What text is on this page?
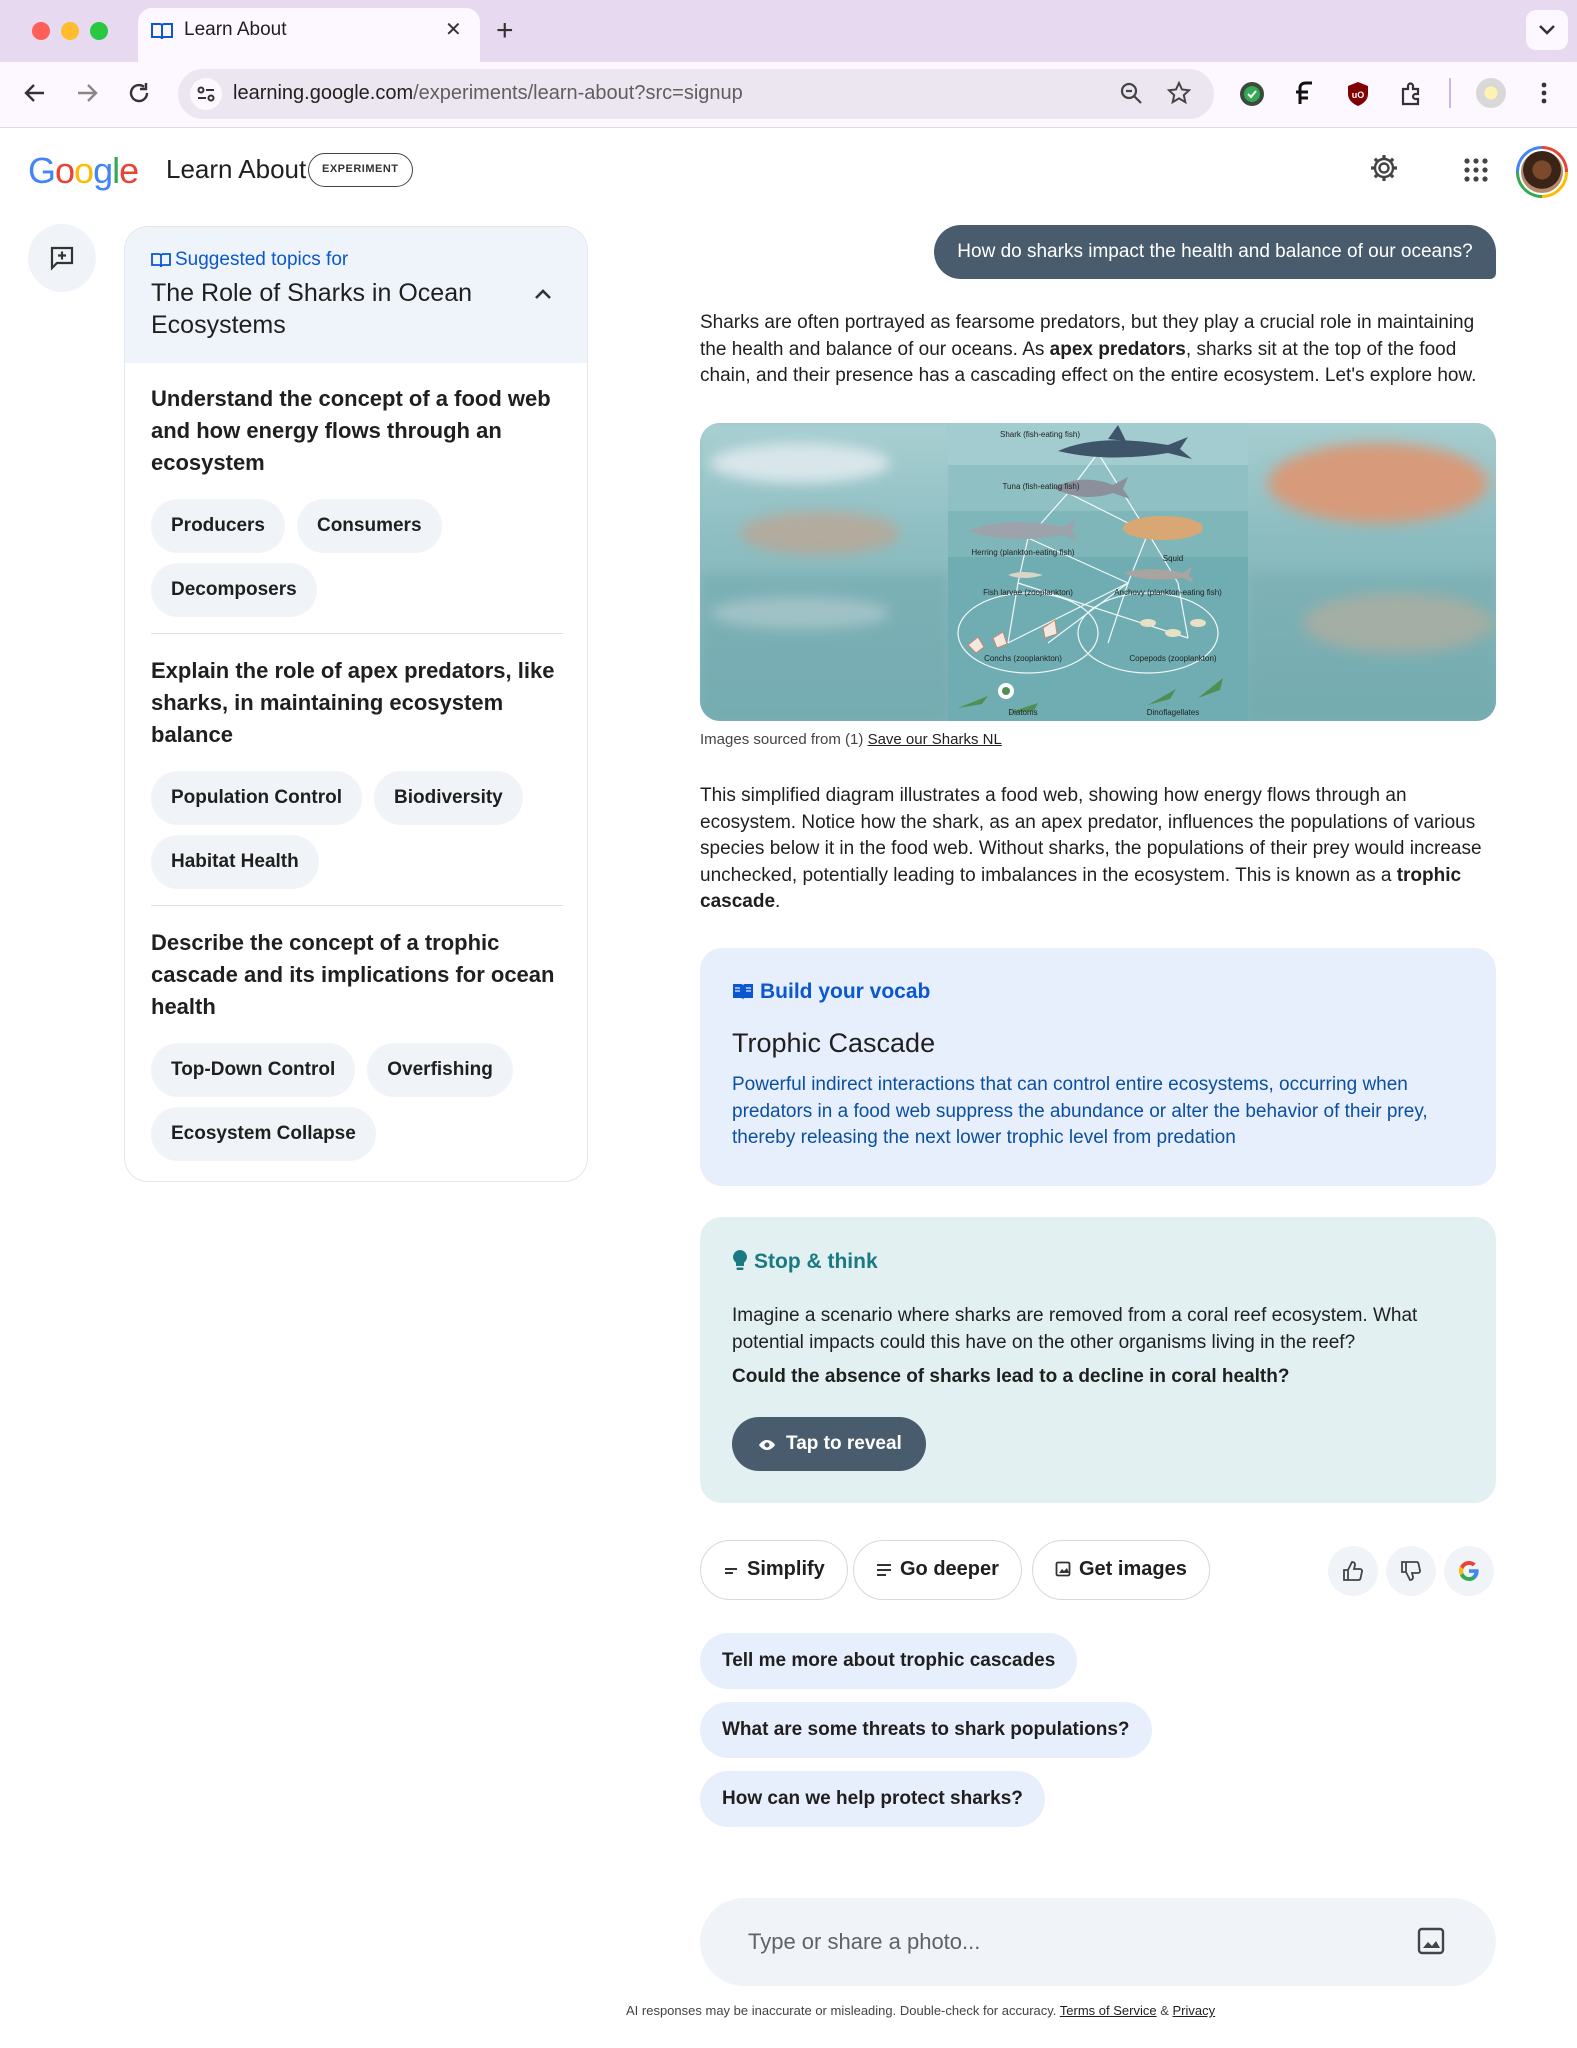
Learn About	✕ +
learning.google.com/experiments/learn-about?src=signup	uO
Google Learn About	EXPERIMENT
Suggested topics for
The Role of Sharks in Ocean Ecosystems
Understand the concept of a food web and how energy flows through an ecosystem
Producers	Consumers
Decomposers
Explain the role of apex predators, like sharks, in maintaining ecosystem balance
Population Control	Biodiversity
Habitat Health
Describe the concept of a trophic cascade and its implications for ocean health
Top-Down Control	Overfishing
Ecosystem Collapse
How do sharks impact the health and balance of our oceans?
Sharks are often portrayed as fearsome predators, but they play a crucial role in maintaining the health and balance of our oceans. As apex predators, sharks sit at the top of the food chain, and their presence has a cascading effect on the entire ecosystem. Let's explore how.
Shark (fish-eating fish)
Tuna (fish-eating fish)
Herring (plankton-eating fish)
Squid
Fish larvae (zooplankton)	Anchovy (plankton-eating fish)
Conchs (zooplankton)	Copepods (zooplankton)
Diatoms	Dinoflagellates
Images sourced from (1) Save our Sharks NL
This simplified diagram illustrates a food web, showing how energy flows through an ecosystem. Notice how the shark, as an apex predator, influences the populations of various species below it in the food web. Without sharks, the populations of their prey would increase unchecked, potentially leading to imbalances in the ecosystem. This is known as a trophic cascade.
Build your vocab
Trophic Cascade
Powerful indirect interactions that can control entire ecosystems, occurring when predators in a food web suppress the abundance or alter the behavior of their prey, thereby releasing the next lower trophic level from predation
Stop & think
Imagine a scenario where sharks are removed from a coral reef ecosystem. What potential impacts could this have on the other organisms living in the reef?
Could the absence of sharks lead to a decline in coral health?
Tap to reveal
Simplify	Go deeper	Get images
Tell me more about trophic cascades
What are some threats to shark populations?
How can we help protect sharks?
Type or share a photo...
AI responses may be inaccurate or misleading. Double-check for accuracy. Terms of Service & Privacy
